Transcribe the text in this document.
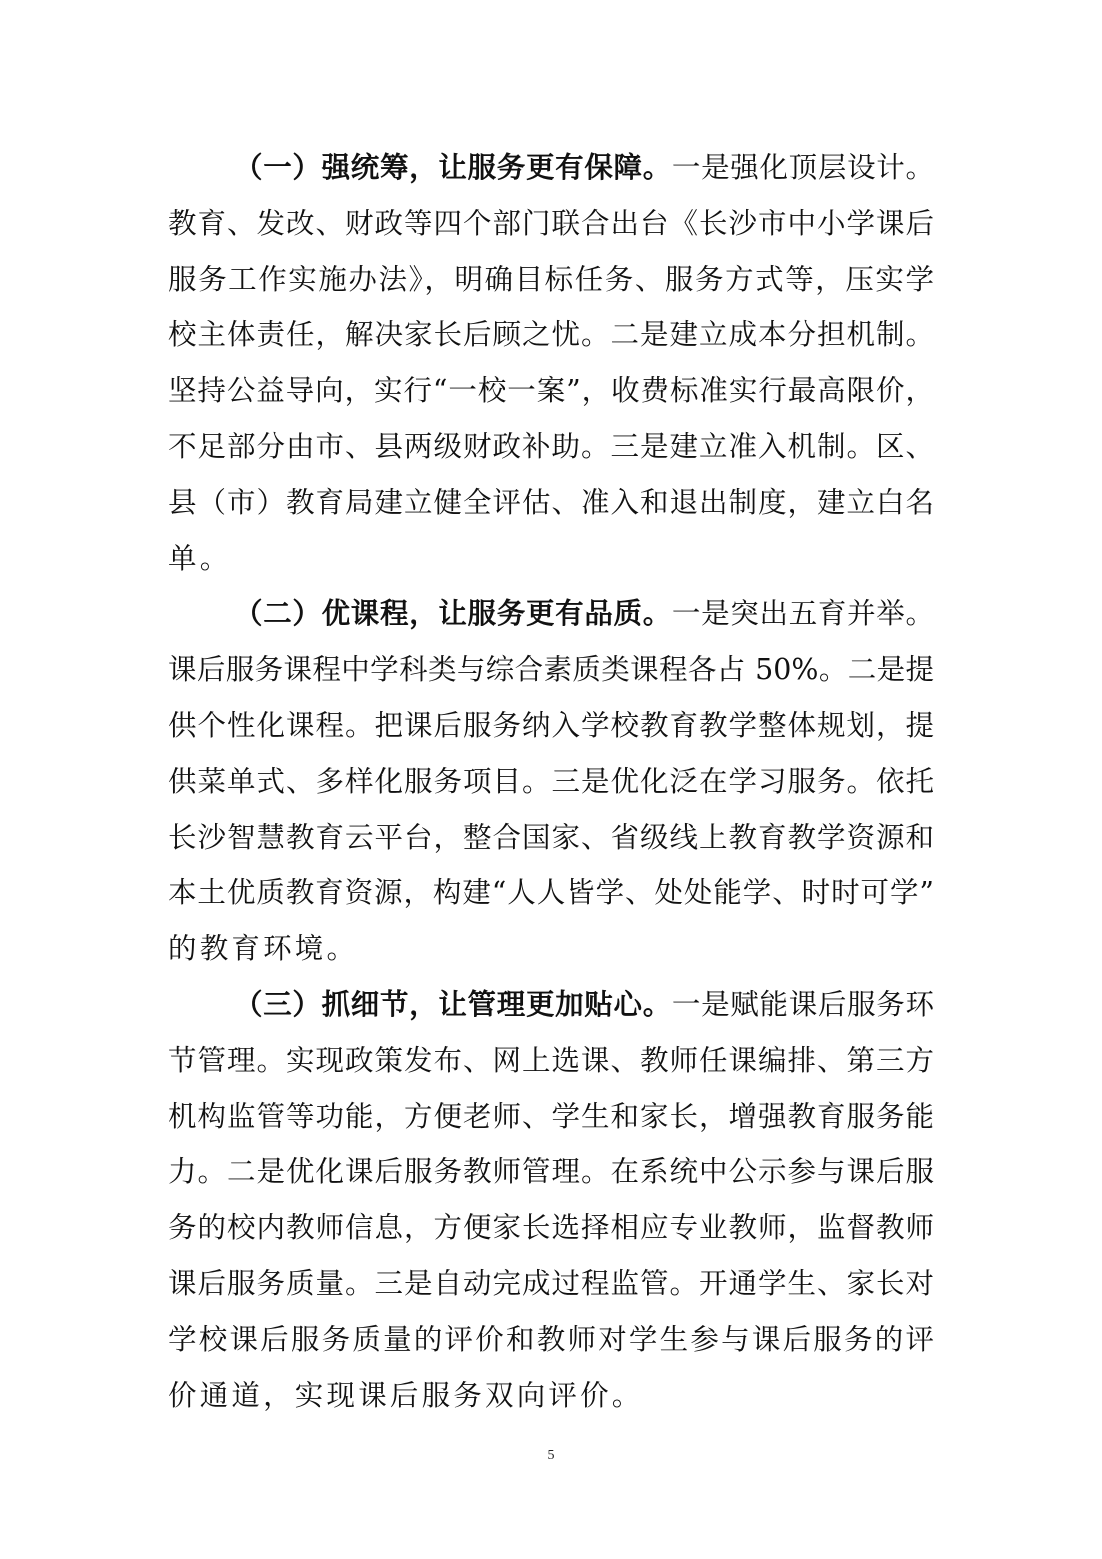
（一）强统筹，让服务更有保障。一是强化顶层设计。
教育、发改、财政等四个部门联合出台《长沙市中小学课后
服务工作实施办法》，明确目标任务、服务方式等，压实学
校主体责任，解决家长后顾之忧。二是建立成本分担机制。
坚持公益导向，实行“一校一案”，收费标准实行最高限价，
不足部分由市、县两级财政补助。三是建立准入机制。区、
县（市）教育局建立健全评估、准入和退出制度，建立白名
单。
（二）优课程，让服务更有品质。一是突出五育并举。
课后服务课程中学科类与综合素质类课程各占 50%。二是提
供个性化课程。把课后服务纳入学校教育教学整体规划，提
供菜单式、多样化服务项目。三是优化泛在学习服务。依托
长沙智慧教育云平台，整合国家、省级线上教育教学资源和
本土优质教育资源，构建“人人皆学、处处能学、时时可学”
的教育环境。
（三）抓细节，让管理更加贴心。一是赋能课后服务环
节管理。实现政策发布、网上选课、教师任课编排、第三方
机构监管等功能，方便老师、学生和家长，增强教育服务能
力。二是优化课后服务教师管理。在系统中公示参与课后服
务的校内教师信息，方便家长选择相应专业教师，监督教师
课后服务质量。三是自动完成过程监管。开通学生、家长对
学校课后服务质量的评价和教师对学生参与课后服务的评
价通道，实现课后服务双向评价。
5
